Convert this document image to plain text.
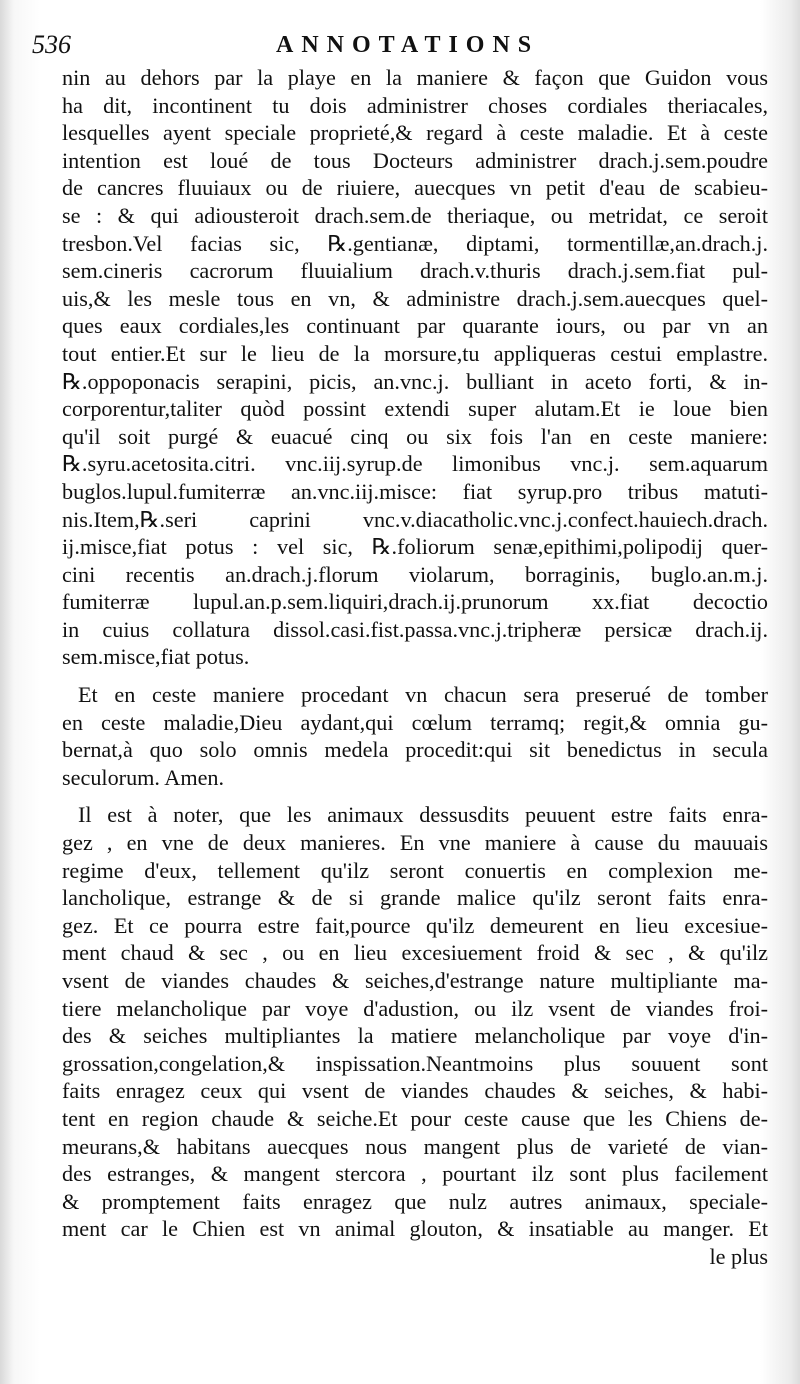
536	ANNOTATIONS
nin au dehors par la playe en la maniere & façon que Guidon vous
ha dit, incontinent tu dois administrer choses cordiales theriacales,
lesquelles ayent speciale proprieté,& regard à ceste maladie. Et à ceste
intention est loué de tous Docteurs administrer drach.j.sem.poudre
de cancres fluuiaux ou de riuiere, auecques vn petit d'eau de scabieu-
se : & qui adiousteroit drach.sem.de theriaque, ou metridat, ce seroit
tresbon.Vel facias sic, ℞.gentianæ, diptami, tormentillæ,an.drach.j.
sem.cineris cacrorum fluuialium drach.v.thuris drach.j.sem.fiat pul-
uis,& les mesle tous en vn, & administre drach.j.sem.auecques quel-
ques eaux cordiales,les continuant par quarante iours, ou par vn an
tout entier.Et sur le lieu de la morsure,tu appliqueras cestui emplastre.
℞.oppoponacis serapini, picis, an.vnc.j. bulliant in aceto forti, & in-
corporentur,taliter quòd possint extendi super alutam.Et ie loue bien
qu'il soit purgé & euacué cinq ou six fois l'an en ceste maniere:
℞.syru.acetosita.citri. vnc.iij.syrup.de limonibus vnc.j. sem.aquarum
buglos.lupul.fumiterræ an.vnc.iij.misce: fiat syrup.pro tribus matuti-
nis.Item,℞.seri caprini vnc.v.diacatholic.vnc.j.confect.hauiech.drach.
ij.misce,fiat potus : vel sic, ℞.foliorum senæ,epithimi,polipodij quer-
cini recentis an.drach.j.florum violarum, borraginis, buglo.an.m.j.
fumiterræ lupul.an.p.sem.liquiri,drach.ij.prunorum xx.fiat decoctio
in cuius collatura dissol.casi.fist.passa.vnc.j.tripheræ persicæ drach.ij.
sem.misce,fiat potus.
Et en ceste maniere procedant vn chacun sera preserué de tomber
en ceste maladie,Dieu aydant,qui cœlum terramq; regit,& omnia gu-
bernat,à quo solo omnis medela procedit:qui sit benedictus in secula
seculorum. Amen.
Il est à noter, que les animaux dessusdits peuuent estre faits enra-
gez , en vne de deux manieres. En vne maniere à cause du mauuais
regime d'eux, tellement qu'ilz seront conuertis en complexion me-
lancholique, estrange & de si grande malice qu'ilz seront faits enra-
gez. Et ce pourra estre fait,pource qu'ilz demeurent en lieu excesiue-
ment chaud & sec , ou en lieu excesiuement froid & sec , & qu'ilz
vsent de viandes chaudes & seiches,d'estrange nature multipliante ma-
tiere melancholique par voye d'adustion, ou ilz vsent de viandes froi-
des & seiches multipliantes la matiere melancholique par voye d'in-
grossation,congelation,& inspissation.Neantmoins plus souuent sont
faits enragez ceux qui vsent de viandes chaudes & seiches, & habi-
tent en region chaude & seiche.Et pour ceste cause que les Chiens de-
meurans,& habitans auecques nous mangent plus de varieté de vian-
des estranges, & mangent stercora , pourtant ilz sont plus facilement
& promptement faits enragez que nulz autres animaux, speciale-
ment car le Chien est vn animal glouton, & insatiable au manger. Et
le plus
